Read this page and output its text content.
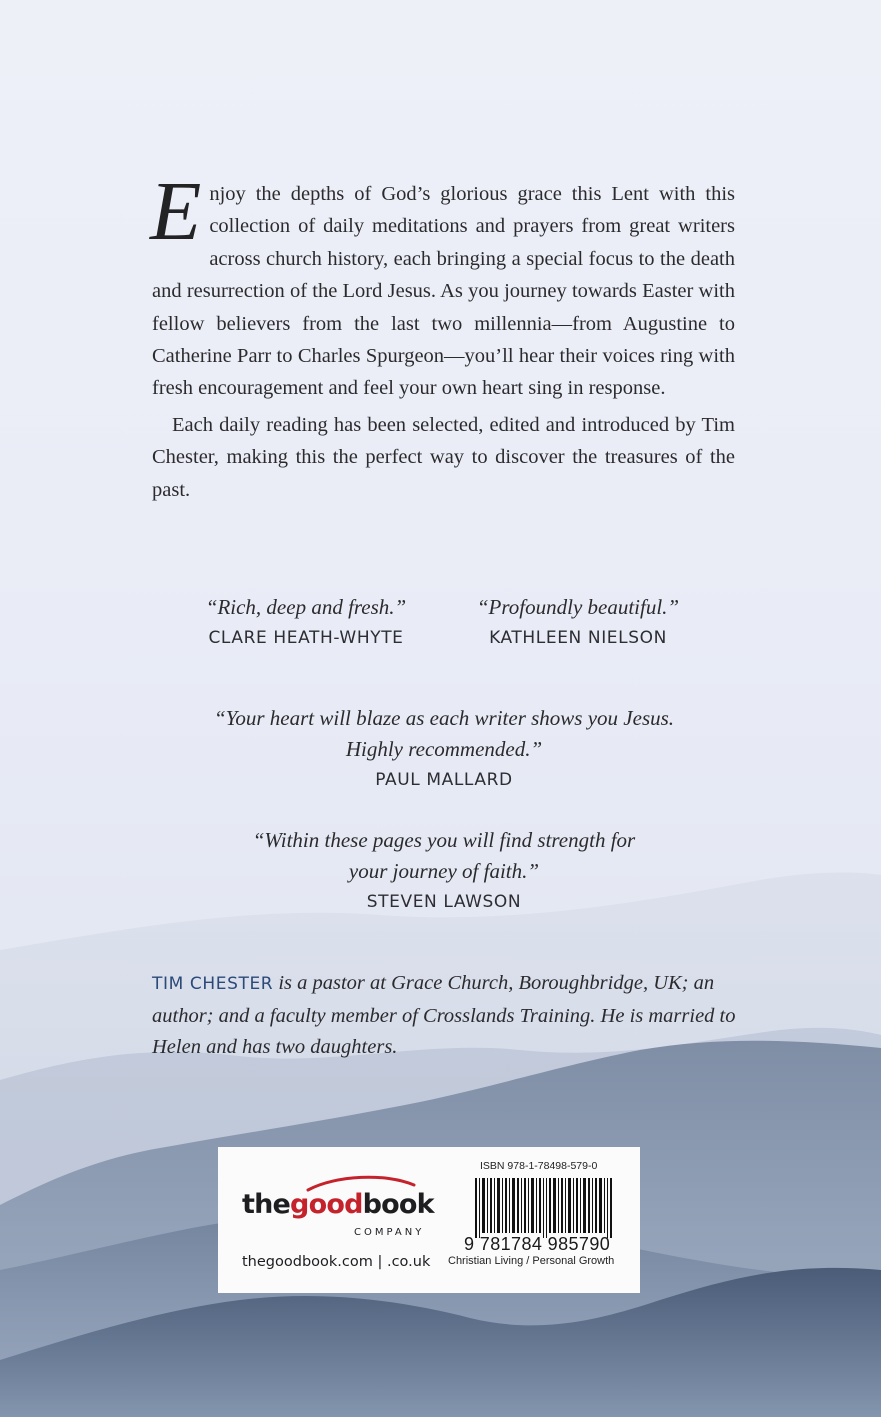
Enjoy the depths of God’s glorious grace this Lent with this collection of daily meditations and prayers from great writers across church history, each bringing a special focus to the death and resurrection of the Lord Jesus. As you journey towards Easter with fellow believers from the last two millennia—from Augustine to Catherine Parr to Charles Spurgeon—you’ll hear their voices ring with fresh encouragement and feel your own heart sing in response.

Each daily reading has been selected, edited and introduced by Tim Chester, making this the perfect way to discover the treasures of the past.

“Rich, deep and fresh.”
CLARE HEATH-WHYTE
“Profoundly beautiful.”
KATHLEEN NIELSON
“Your heart will blaze as each writer shows you Jesus.
Highly recommended.”
PAUL MALLARD
“Within these pages you will find strength for
your journey of faith.”
STEVEN LAWSON
TIM CHESTER is a pastor at Grace Church, Boroughbridge, UK; an author; and a faculty member of Crosslands Training. He is married to Helen and has two daughters.
thegoodbook
COMPANY
thegoodbook.com | .co.uk
ISBN 978-1-78498-579-0
9 781784 985790
Christian Living / Personal Growth
